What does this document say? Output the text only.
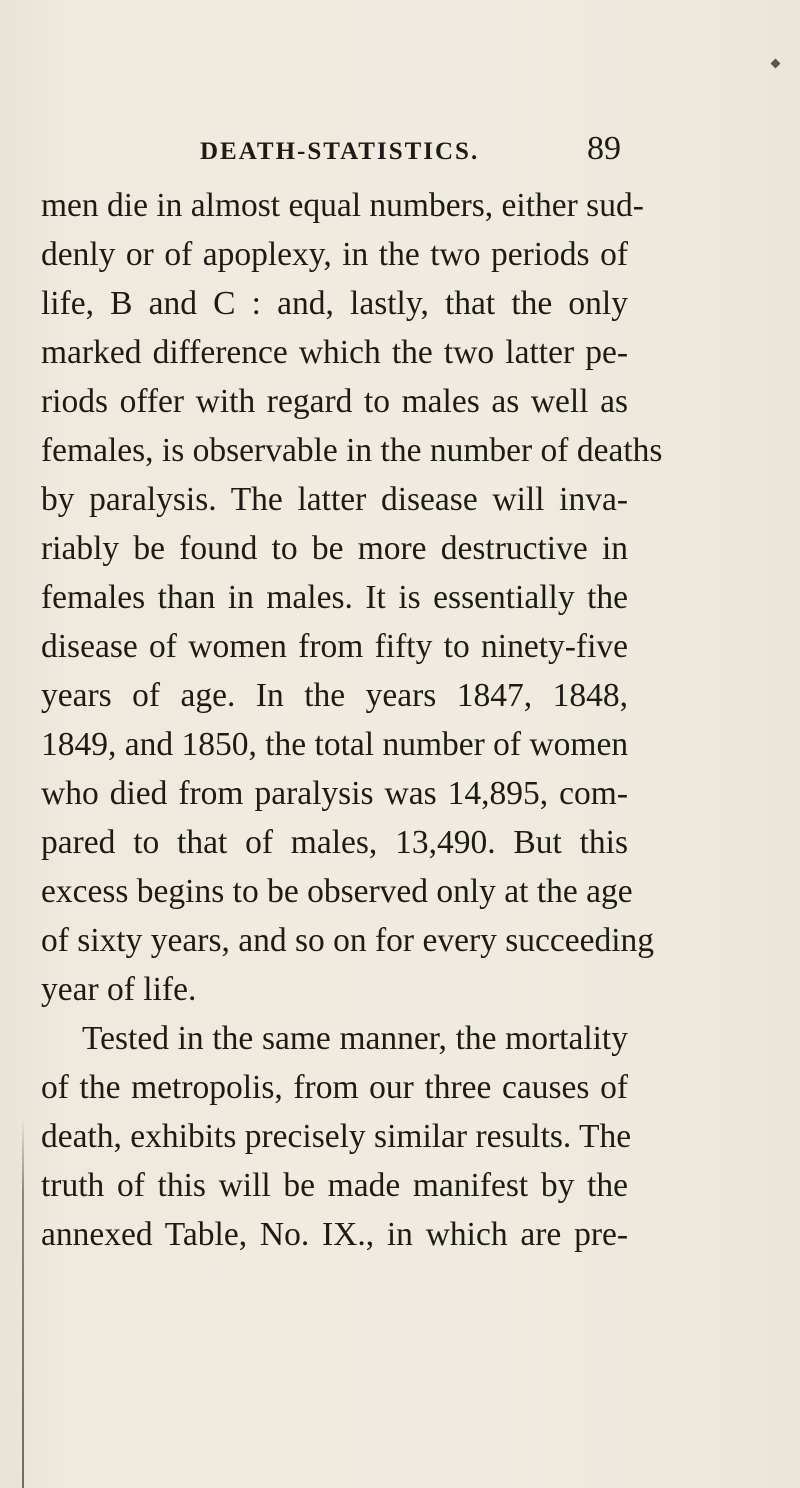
DEATH-STATISTICS.	89
men die in almost equal numbers, either sud-
denly or of apoplexy, in the two periods of
life, B and C : and, lastly, that the only
marked difference which the two latter pe-
riods offer with regard to males as well as
females, is observable in the number of deaths
by paralysis. The latter disease will inva-
riably be found to be more destructive in
females than in males. It is essentially the
disease of women from fifty to ninety-five
years of age. In the years 1847, 1848,
1849, and 1850, the total number of women
who died from paralysis was 14,895, com-
pared to that of males, 13,490. But this
excess begins to be observed only at the age
of sixty years, and so on for every succeeding
year of life.
Tested in the same manner, the mortality
of the metropolis, from our three causes of
death, exhibits precisely similar results. The
truth of this will be made manifest by the
annexed Table, No. IX., in which are pre-
